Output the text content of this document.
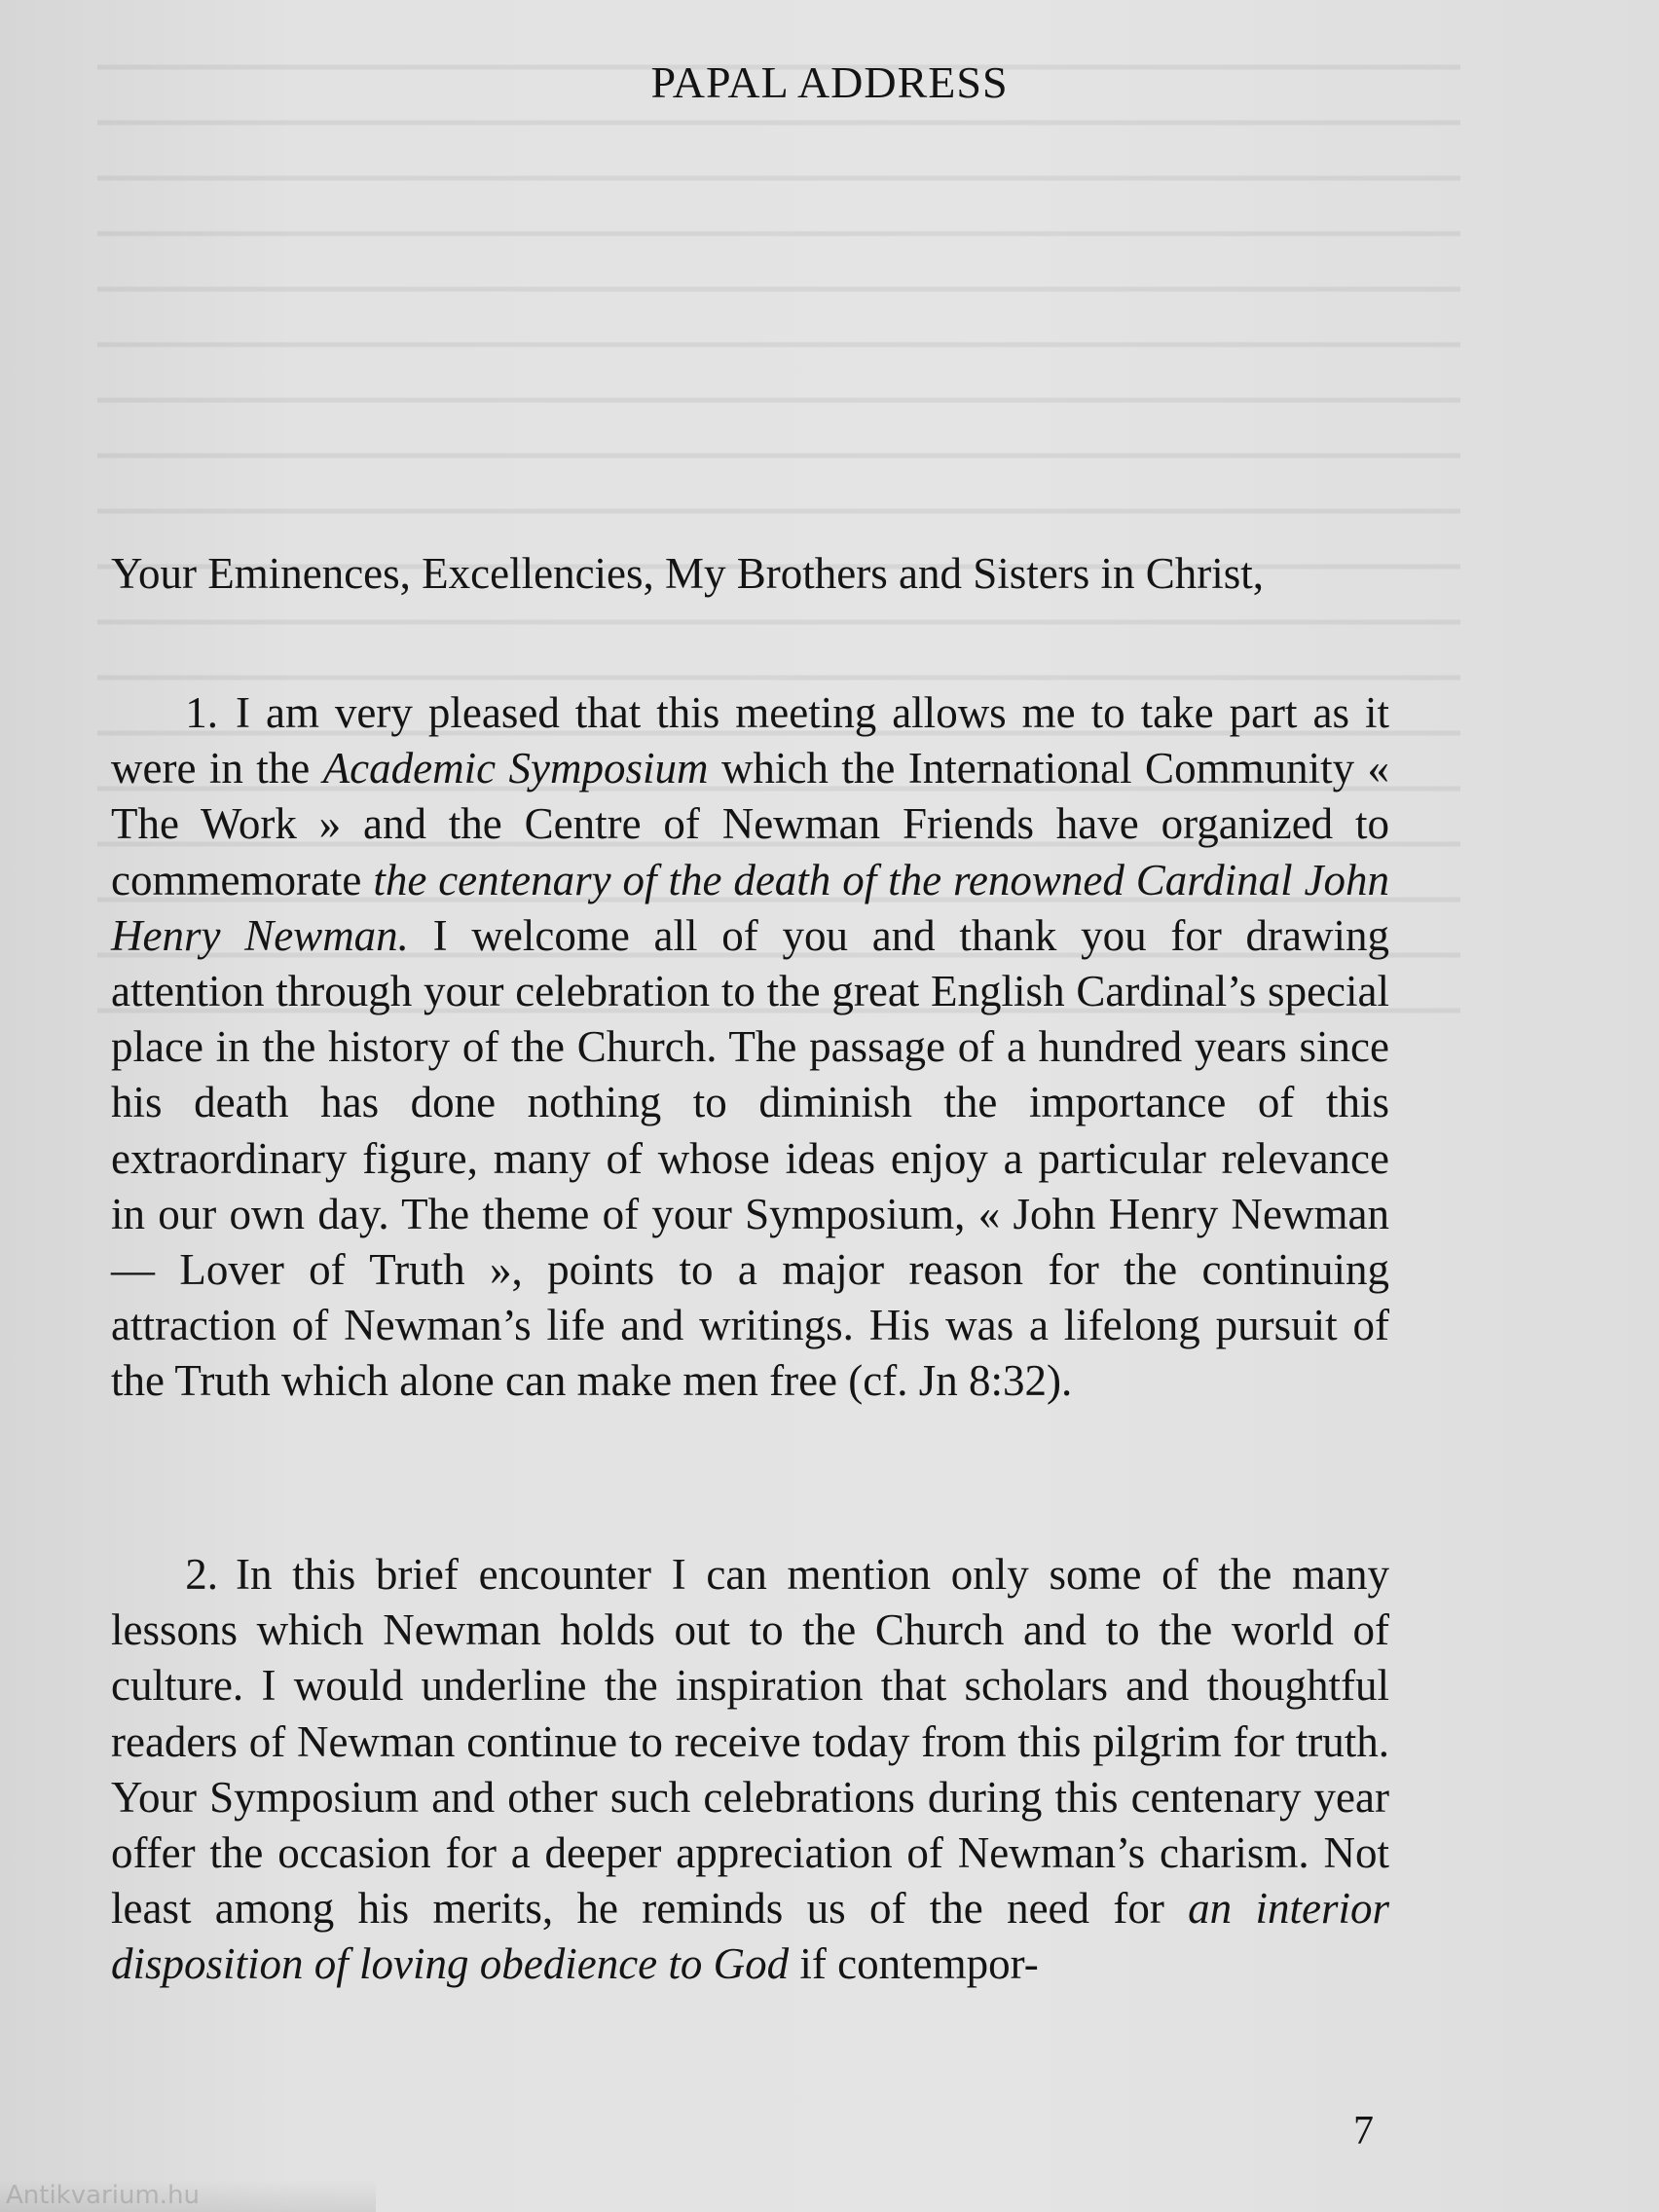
PAPAL ADDRESS
Your Eminences, Excellencies, My Brothers and Sisters in Christ,
1. I am very pleased that this meeting allows me to take part as it were in the Academic Symposium which the International Community « The Work » and the Centre of Newman Friends have organized to commemorate the centenary of the death of the renowned Cardinal John Henry Newman. I welcome all of you and thank you for drawing attention through your celebration to the great English Cardinal’s special place in the history of the Church. The passage of a hundred years since his death has done nothing to diminish the importance of this extraordinary figure, many of whose ideas enjoy a particular relevance in our own day. The theme of your Symposium, « John Henry Newman — Lover of Truth », points to a major reason for the continuing attraction of Newman’s life and writings. His was a lifelong pursuit of the Truth which alone can make men free (cf. Jn 8:32).
2. In this brief encounter I can mention only some of the many lessons which Newman holds out to the Church and to the world of culture. I would underline the inspiration that scholars and thoughtful readers of Newman continue to receive today from this pilgrim for truth. Your Symposium and other such celebrations during this centenary year offer the occasion for a deeper appreciation of Newman’s charism. Not least among his merits, he reminds us of the need for an interior disposition of loving obedience to God if contempor-
7
Antikvarium.hu
